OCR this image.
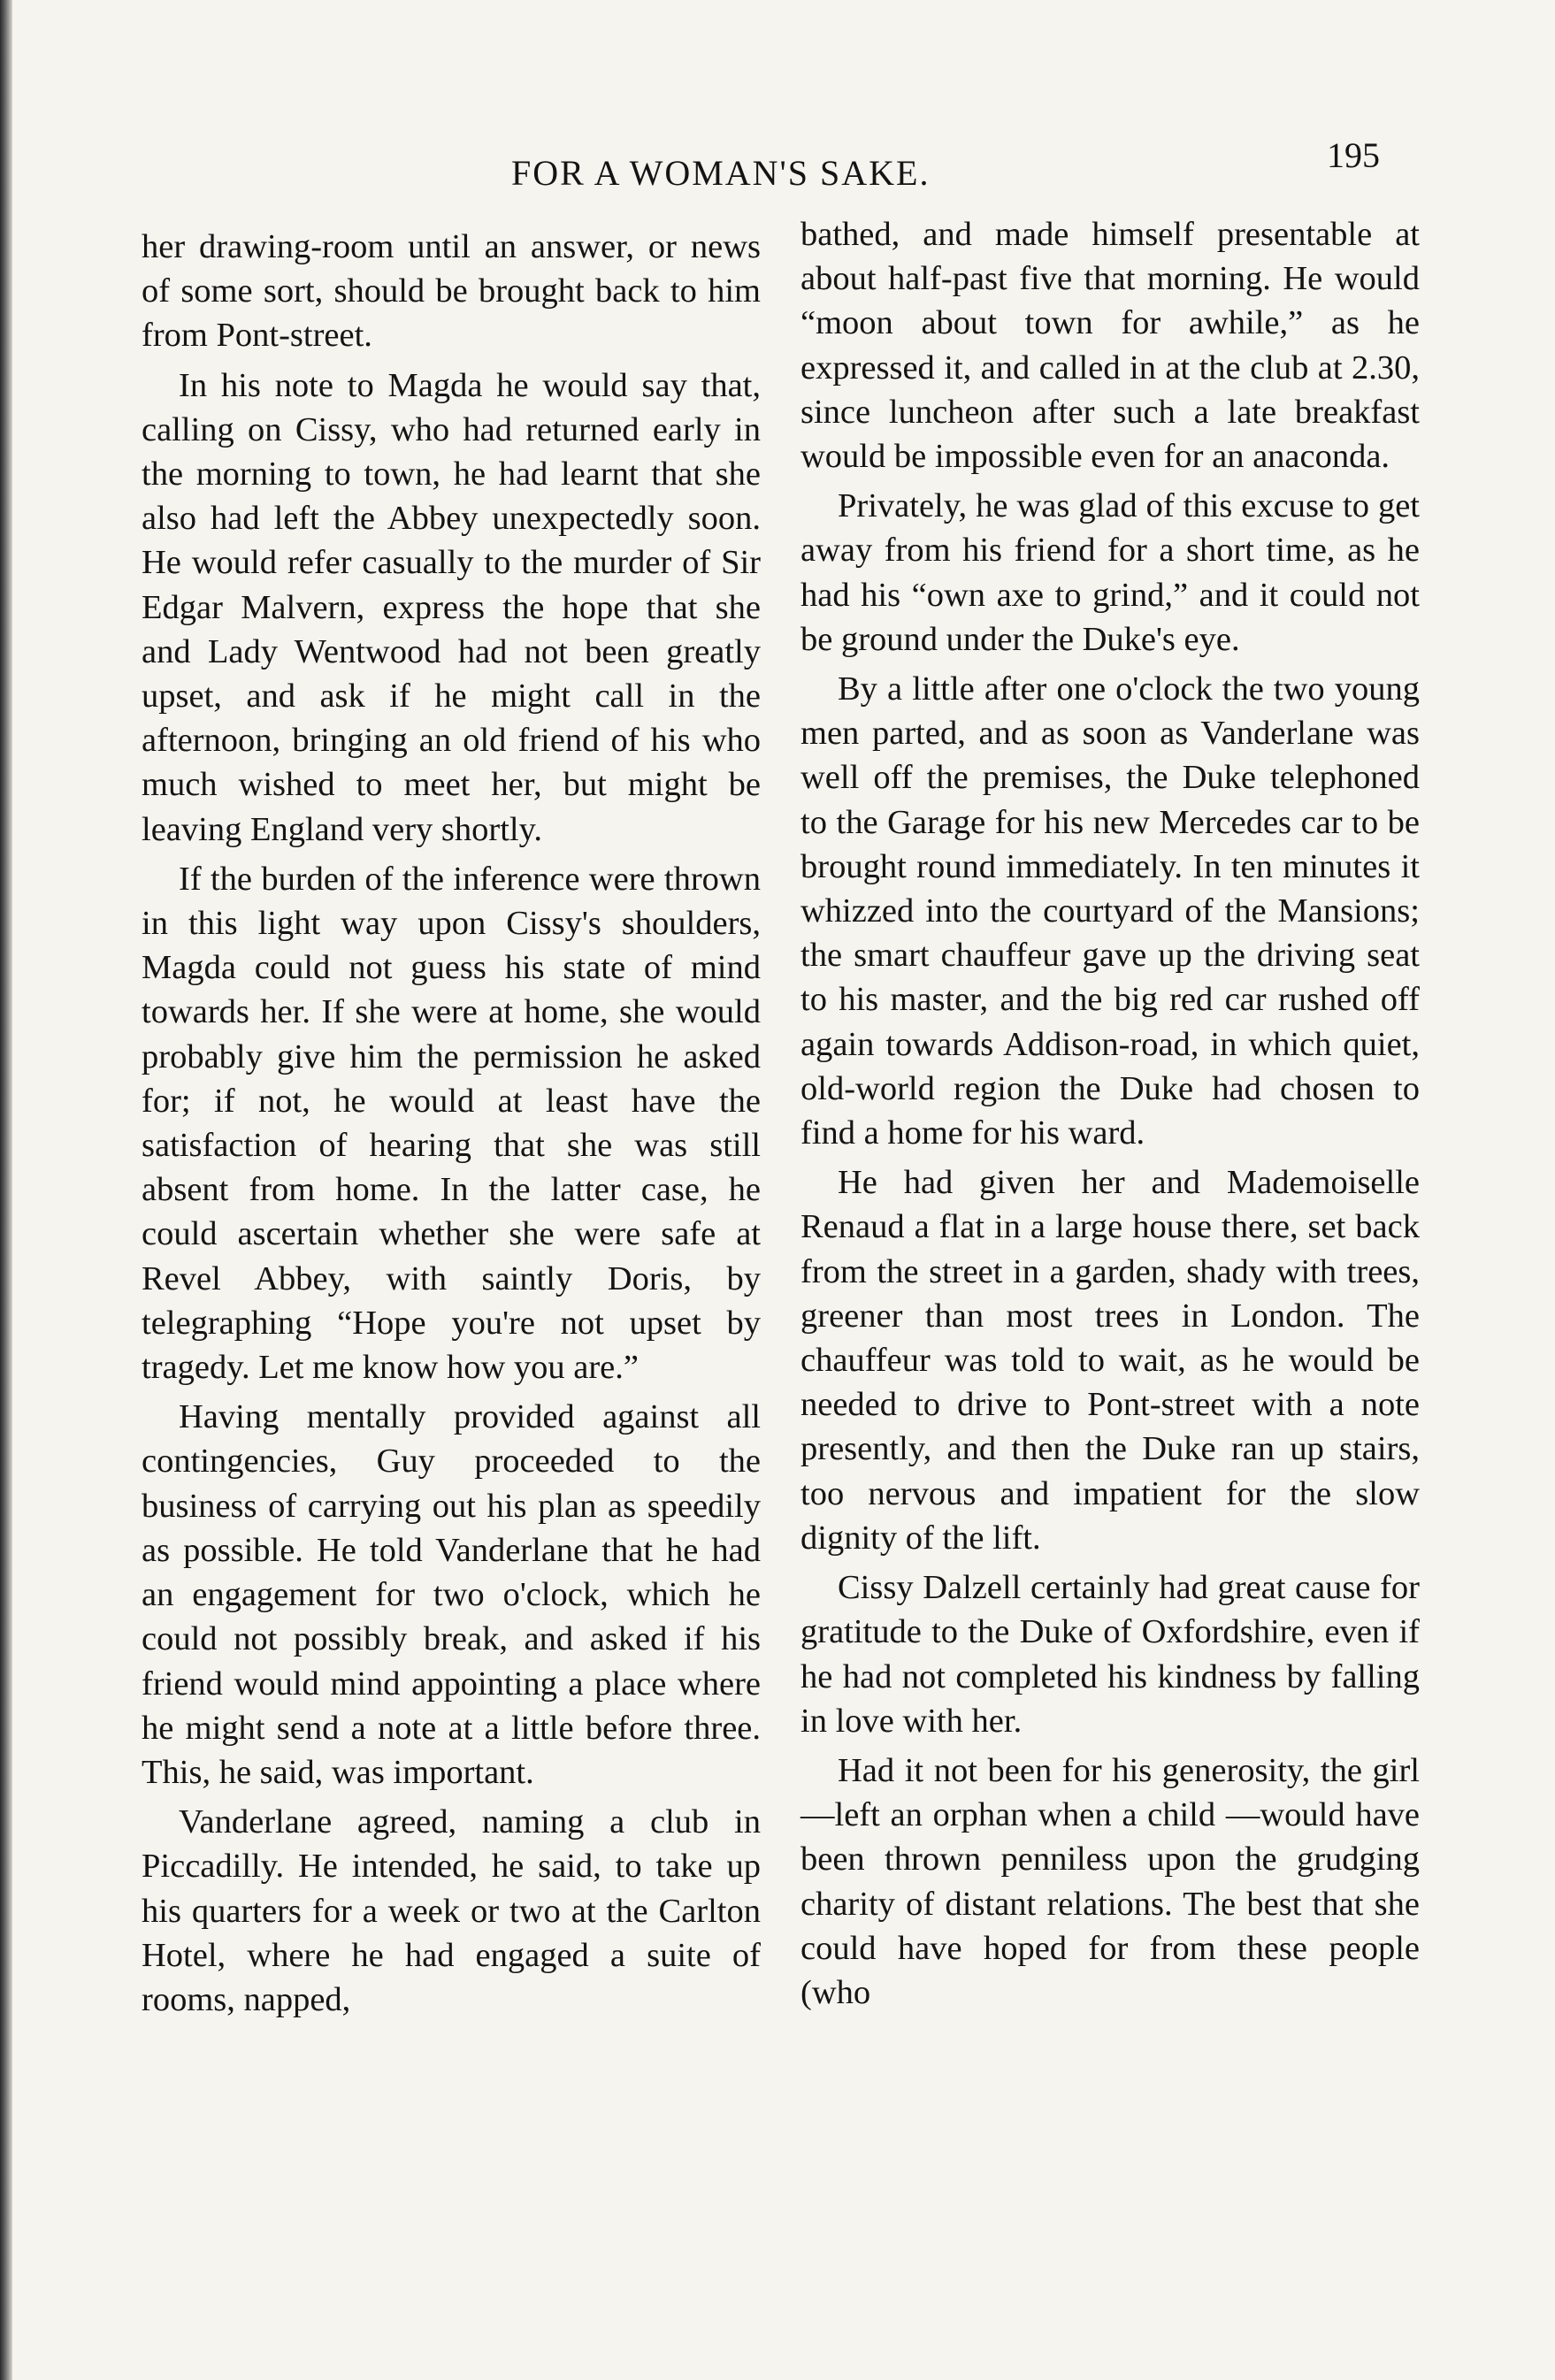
FOR A WOMAN'S SAKE.	195

her drawing-room until an answer, or news of some sort, should be brought back to him from Pont-street.

In his note to Magda he would say that, calling on Cissy, who had returned early in the morning to town, he had learnt that she also had left the Abbey unexpectedly soon. He would refer casually to the murder of Sir Edgar Malvern, express the hope that she and Lady Wentwood had not been greatly upset, and ask if he might call in the afternoon, bringing an old friend of his who much wished to meet her, but might be leaving England very shortly.

If the burden of the inference were thrown in this light way upon Cissy's shoulders, Magda could not guess his state of mind towards her. If she were at home, she would probably give him the permission he asked for; if not, he would at least have the satisfaction of hearing that she was still absent from home. In the latter case, he could ascertain whether she were safe at Revel Abbey, with saintly Doris, by telegraphing “Hope you're not upset by tragedy. Let me know how you are.”

Having mentally provided against all contingencies, Guy proceeded to the business of carrying out his plan as speedily as possible. He told Vanderlane that he had an engagement for two o'clock, which he could not possibly break, and asked if his friend would mind appointing a place where he might send a note at a little before three. This, he said, was important.

Vanderlane agreed, naming a club in Piccadilly. He intended, he said, to take up his quarters for a week or two at the Carlton Hotel, where he had engaged a suite of rooms, napped,

bathed, and made himself presentable at about half-past five that morning. He would “moon about town for awhile,” as he expressed it, and called in at the club at 2.30, since luncheon after such a late breakfast would be impossible even for an anaconda.

Privately, he was glad of this excuse to get away from his friend for a short time, as he had his “own axe to grind,” and it could not be ground under the Duke's eye.

By a little after one o'clock the two young men parted, and as soon as Vanderlane was well off the premises, the Duke telephoned to the Garage for his new Mercedes car to be brought round immediately. In ten minutes it whizzed into the courtyard of the Mansions; the smart chauffeur gave up the driving seat to his master, and the big red car rushed off again towards Addison-road, in which quiet, old-world region the Duke had chosen to find a home for his ward.

He had given her and Mademoiselle Renaud a flat in a large house there, set back from the street in a garden, shady with trees, greener than most trees in London. The chauffeur was told to wait, as he would be needed to drive to Pont-street with a note presently, and then the Duke ran up stairs, too nervous and impatient for the slow dignity of the lift.

Cissy Dalzell certainly had great cause for gratitude to the Duke of Oxfordshire, even if he had not completed his kindness by falling in love with her.

Had it not been for his generosity, the girl—left an orphan when a child —would have been thrown penniless upon the grudging charity of distant relations. The best that she could have hoped for from these people (who
